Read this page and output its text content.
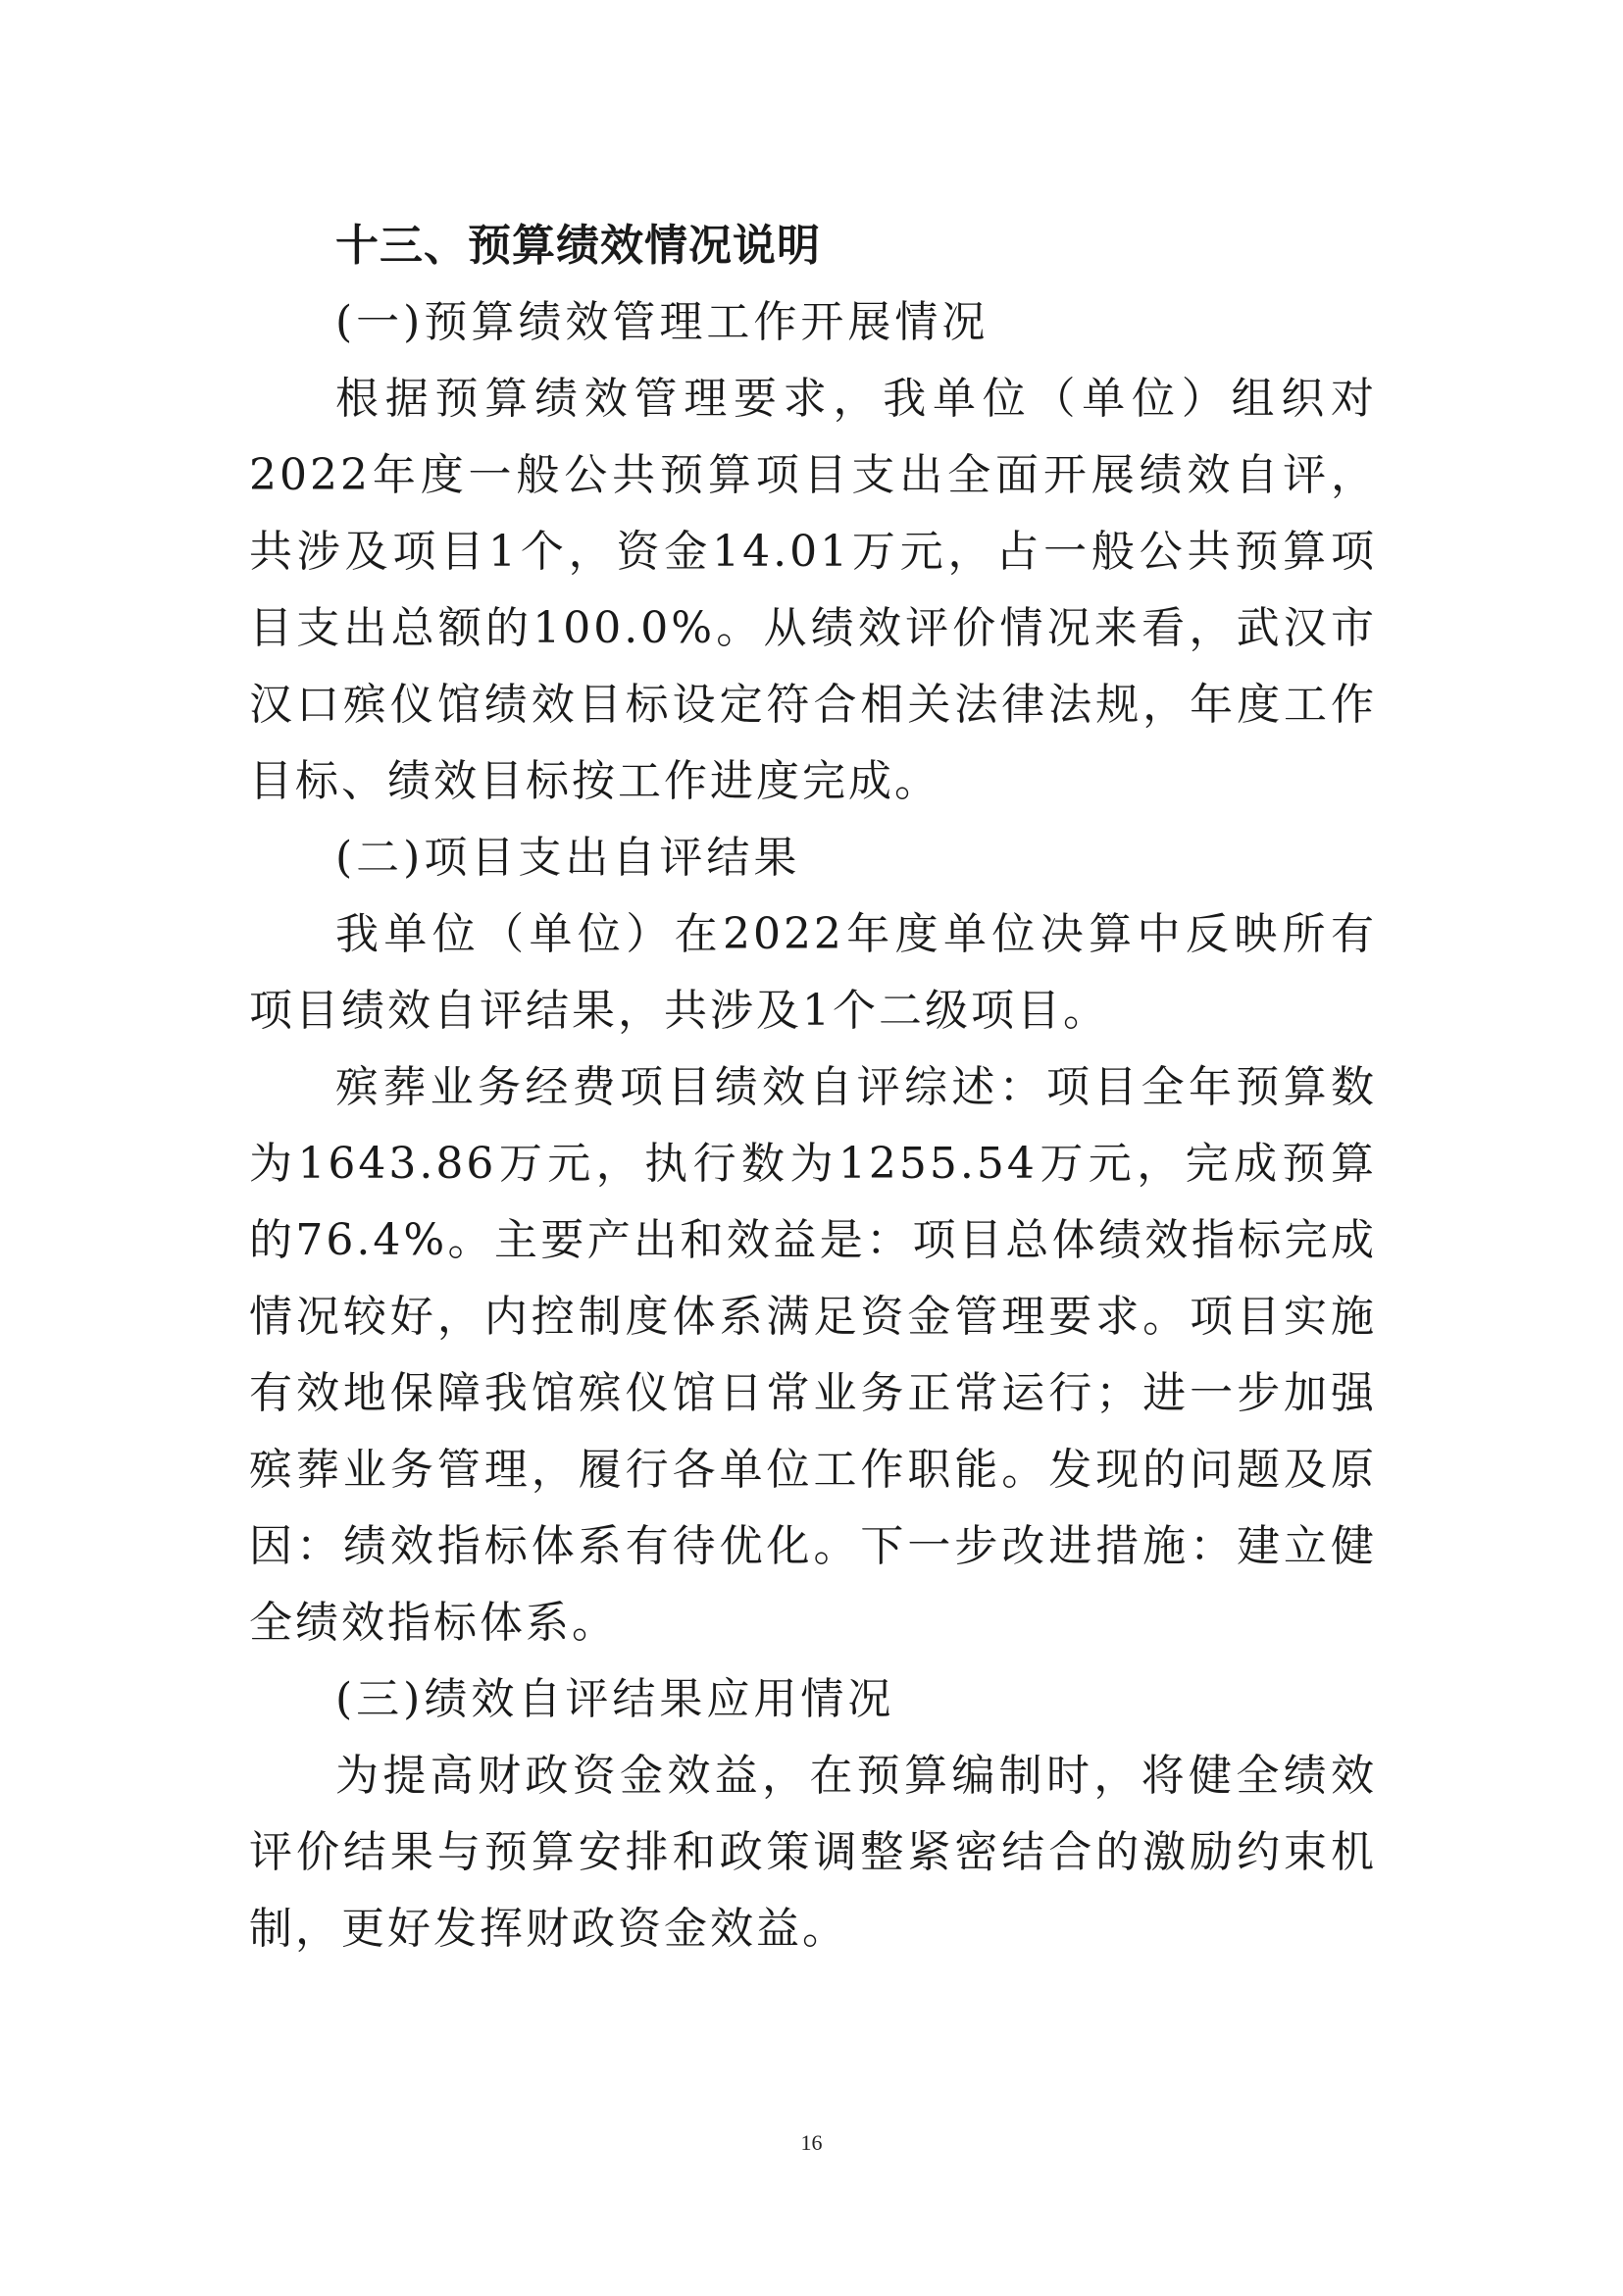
十三、预算绩效情况说明

(一)预算绩效管理工作开展情况

根据预算绩效管理要求，我单位（单位）组织对2022年度一般公共预算项目支出全面开展绩效自评，共涉及项目1个，资金14.01万元，占一般公共预算项目支出总额的100.0%。从绩效评价情况来看，武汉市汉口殡仪馆绩效目标设定符合相关法律法规，年度工作目标、绩效目标按工作进度完成。

(二)项目支出自评结果

我单位（单位）在2022年度单位决算中反映所有项目绩效自评结果，共涉及1个二级项目。

殡葬业务经费项目绩效自评综述：项目全年预算数为1643.86万元，执行数为1255.54万元，完成预算的76.4%。主要产出和效益是：项目总体绩效指标完成情况较好，内控制度体系满足资金管理要求。项目实施有效地保障我馆殡仪馆日常业务正常运行；进一步加强殡葬业务管理，履行各单位工作职能。发现的问题及原因：绩效指标体系有待优化。下一步改进措施：建立健全绩效指标体系。

(三)绩效自评结果应用情况

为提高财政资金效益，在预算编制时，将健全绩效评价结果与预算安排和政策调整紧密结合的激励约束机制，更好发挥财政资金效益。

16
